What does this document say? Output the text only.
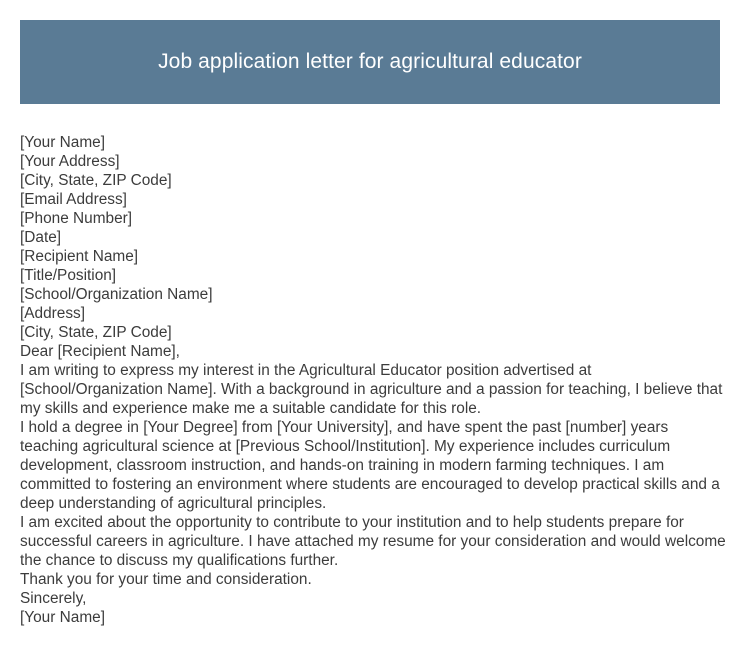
Job application letter for agricultural educator
[Your Name]
[Your Address]
[City, State, ZIP Code]
[Email Address]
[Phone Number]
[Date]
[Recipient Name]
[Title/Position]
[School/Organization Name]
[Address]
[City, State, ZIP Code]
Dear [Recipient Name],
I am writing to express my interest in the Agricultural Educator position advertised at [School/Organization Name]. With a background in agriculture and a passion for teaching, I believe that my skills and experience make me a suitable candidate for this role.
I hold a degree in [Your Degree] from [Your University], and have spent the past [number] years teaching agricultural science at [Previous School/Institution]. My experience includes curriculum development, classroom instruction, and hands-on training in modern farming techniques. I am committed to fostering an environment where students are encouraged to develop practical skills and a deep understanding of agricultural principles.
I am excited about the opportunity to contribute to your institution and to help students prepare for successful careers in agriculture. I have attached my resume for your consideration and would welcome the chance to discuss my qualifications further.
Thank you for your time and consideration.
Sincerely,
[Your Name]
